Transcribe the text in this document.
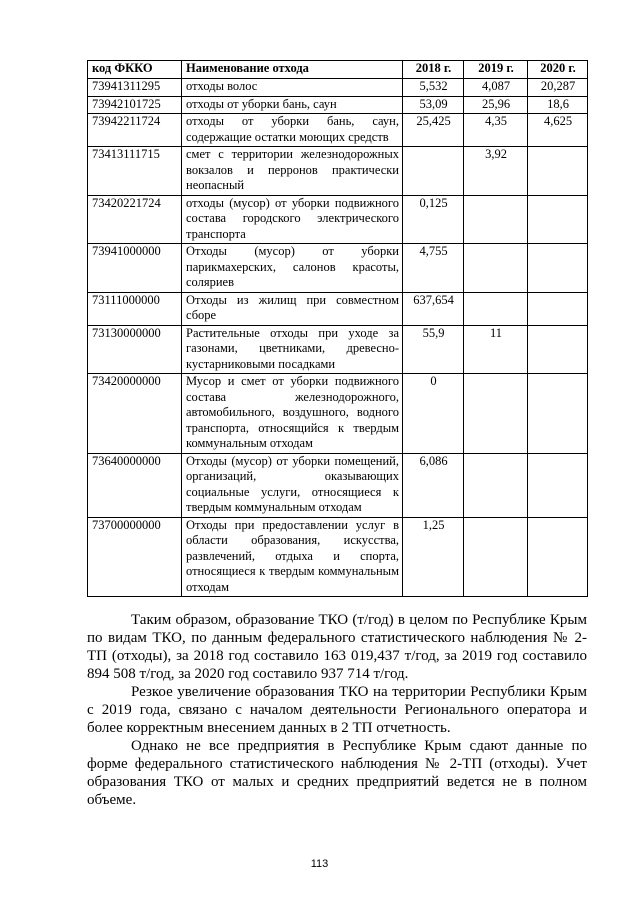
код ФККО	Наименование отхода	2018 г.	2019 г.	2020 г.
73941311295	отходы волос	5,532	4,087	20,287
73942101725	отходы от уборки бань, саун	53,09	25,96	18,6
73942211724	отходы от уборки бань, саун, содержащие остатки моющих средств	25,425	4,35	4,625
73413111715	смет с территории железнодорожных вокзалов и перронов практически неопасный		3,92	
73420221724	отходы (мусор) от уборки подвижного состава городского электрического транспорта	0,125		
73941000000	Отходы (мусор) от уборки парикмахерских, салонов красоты, соляриев	4,755		
73111000000	Отходы из жилищ при совместном сборе	637,654		
73130000000	Растительные отходы при уходе за газонами, цветниками, древесно-кустарниковыми посадками	55,9	11	
73420000000	Мусор и смет от уборки подвижного состава железнодорожного, автомобильного, воздушного, водного транспорта, относящийся к твердым коммунальным отходам	0		
73640000000	Отходы (мусор) от уборки помещений, организаций, оказывающих социальные услуги, относящиеся к твердым коммунальным отходам	6,086		
73700000000	Отходы при предоставлении услуг в области образования, искусства, развлечений, отдыха и спорта, относящиеся к твердым коммунальным отходам	1,25		

Таким образом, образование ТКО (т/год) в целом по Республике Крым по видам ТКО, по данным федерального статистического наблюдения № 2-ТП (отходы), за 2018 год составило 163 019,437 т/год, за 2019 год составило 894 508 т/год, за 2020 год составило 937 714 т/год.

Резкое увеличение образования ТКО на территории Республики Крым с 2019 года, связано с началом деятельности Регионального оператора и более корректным внесением данных в 2 ТП отчетность.

Однако не все предприятия в Республике Крым сдают данные по форме федерального статистического наблюдения № 2-ТП (отходы). Учет образования ТКО от малых и средних предприятий ведется не в полном объеме.

113
